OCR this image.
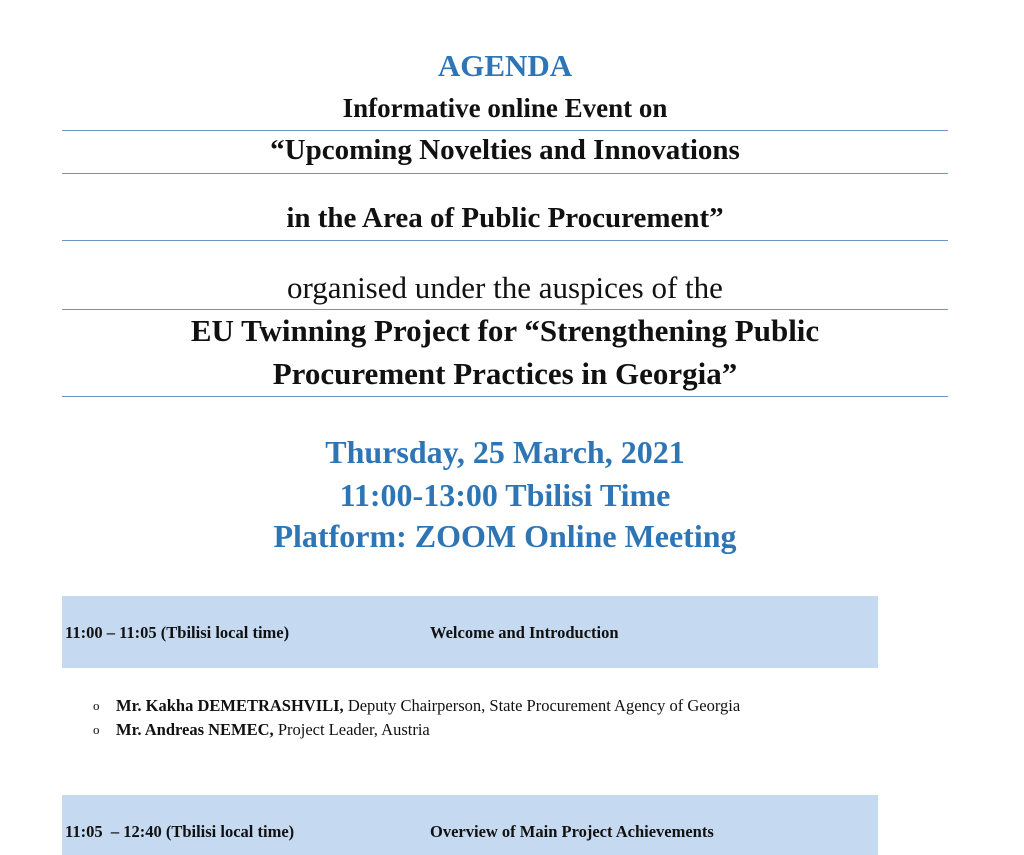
AGENDA
Informative online Event on
“Upcoming Novelties and Innovations
in the Area of Public Procurement”
organised under the auspices of the
EU Twinning Project for “Strengthening Public
Procurement Practices in Georgia”
Thursday, 25 March, 2021
11:00-13:00 Tbilisi Time
Platform: ZOOM Online Meeting
11:00 – 11:05 (Tbilisi local time)	Welcome and Introduction
o Mr. Kakha DEMETRASHVILI, Deputy Chairperson, State Procurement Agency of Georgia
o Mr. Andreas NEMEC, Project Leader, Austria
11:05  – 12:40 (Tbilisi local time)	Overview of Main Project Achievements
